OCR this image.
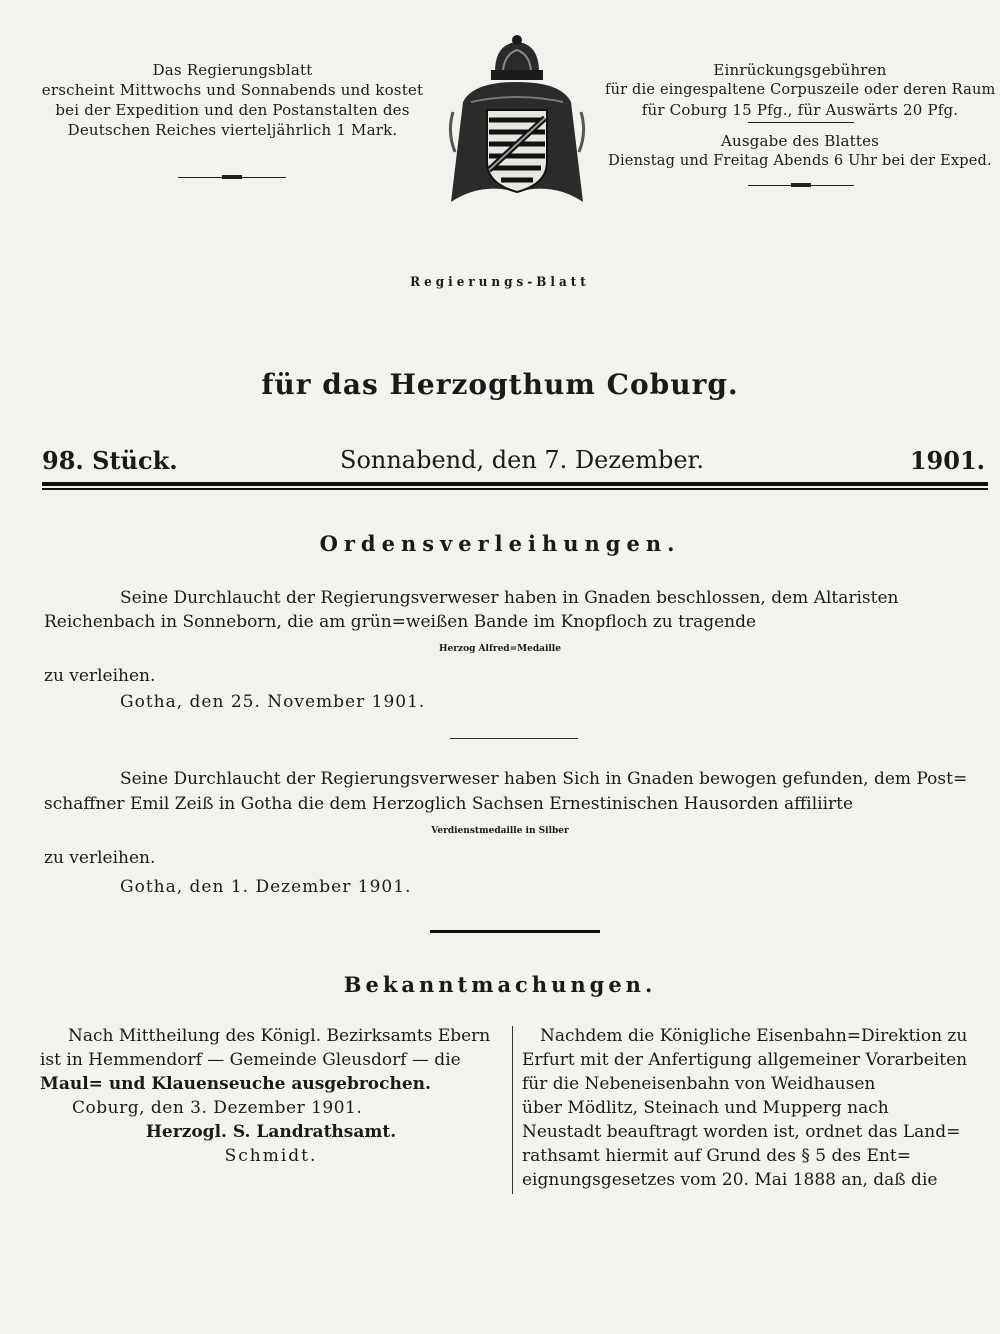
Das Regierungsblatt
erscheint Mittwochs und Sonnabends und kostet
bei der Expedition und den Postanstalten des
Deutschen Reiches vierteljährlich 1 Mark.
Einrückungsgebühren
für die eingespaltene Corpuszeile oder deren Raum
für Coburg 15 Pfg., für Auswärts 20 Pfg.
Ausgabe des Blattes
Dienstag und Freitag Abends 6 Uhr bei der Exped.
Regierungs-Blatt
für das Herzogthum Coburg.
98. Stück.	Sonnabend, den 7. Dezember.	1901.
Ordensverleihungen.
Seine Durchlaucht der Regierungsverweser haben in Gnaden beschlossen, dem Altaristen
Reichenbach in Sonneborn, die am grün=weißen Bande im Knopfloch zu tragende
Herzog Alfred=Medaille
zu verleihen.
Gotha, den 25. November 1901.
Seine Durchlaucht der Regierungsverweser haben Sich in Gnaden bewogen gefunden, dem Post=
schaffner Emil Zeiß in Gotha die dem Herzoglich Sachsen Ernestinischen Hausorden affiliirte
Verdienstmedaille in Silber
zu verleihen.
Gotha, den 1. Dezember 1901.
Bekanntmachungen.
Nach Mittheilung des Königl. Bezirksamts Ebern
ist in Hemmendorf — Gemeinde Gleusdorf — die
Maul= und Klauenseuche ausgebrochen.
Coburg, den 3. Dezember 1901.
Herzogl. S. Landrathsamt.
Schmidt.
Nachdem die Königliche Eisenbahn=Direktion zu
Erfurt mit der Anfertigung allgemeiner Vorarbeiten
für die Nebeneisenbahn von Weidhausen
über Mödlitz, Steinach und Mupperg nach
Neustadt beauftragt worden ist, ordnet das Land=
rathsamt hiermit auf Grund des § 5 des Ent=
eignungsgesetzes vom 20. Mai 1888 an, daß die
